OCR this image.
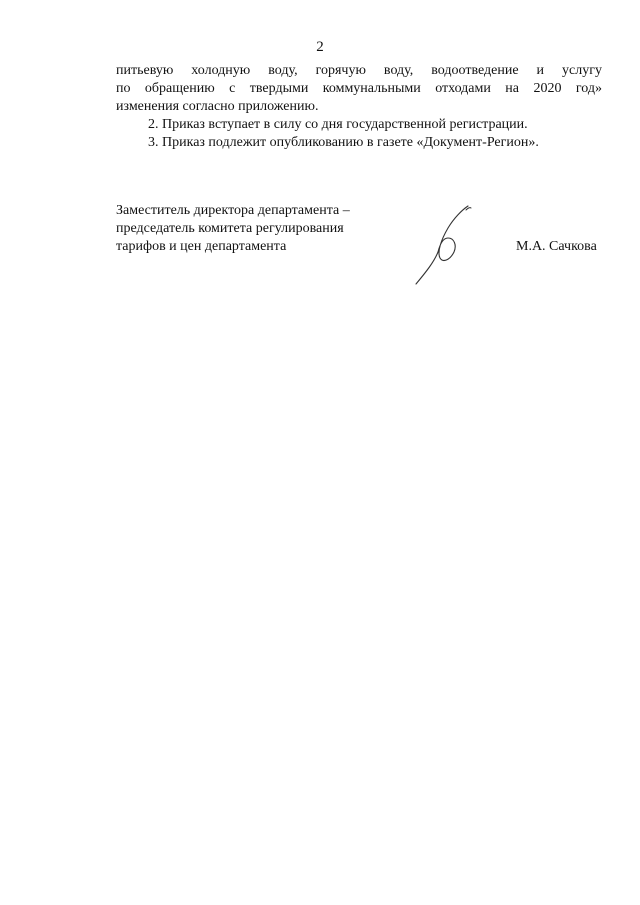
2
питьевую холодную воду, горячую воду, водоотведение и услугу
по обращению с твердыми коммунальными отходами на 2020 год»
изменения согласно приложению.
2. Приказ вступает в силу со дня государственной регистрации.
3. Приказ подлежит опубликованию в газете «Документ-Регион».
Заместитель директора департамента –
председатель комитета регулирования
тарифов и цен департамента	М.А. Сачкова
